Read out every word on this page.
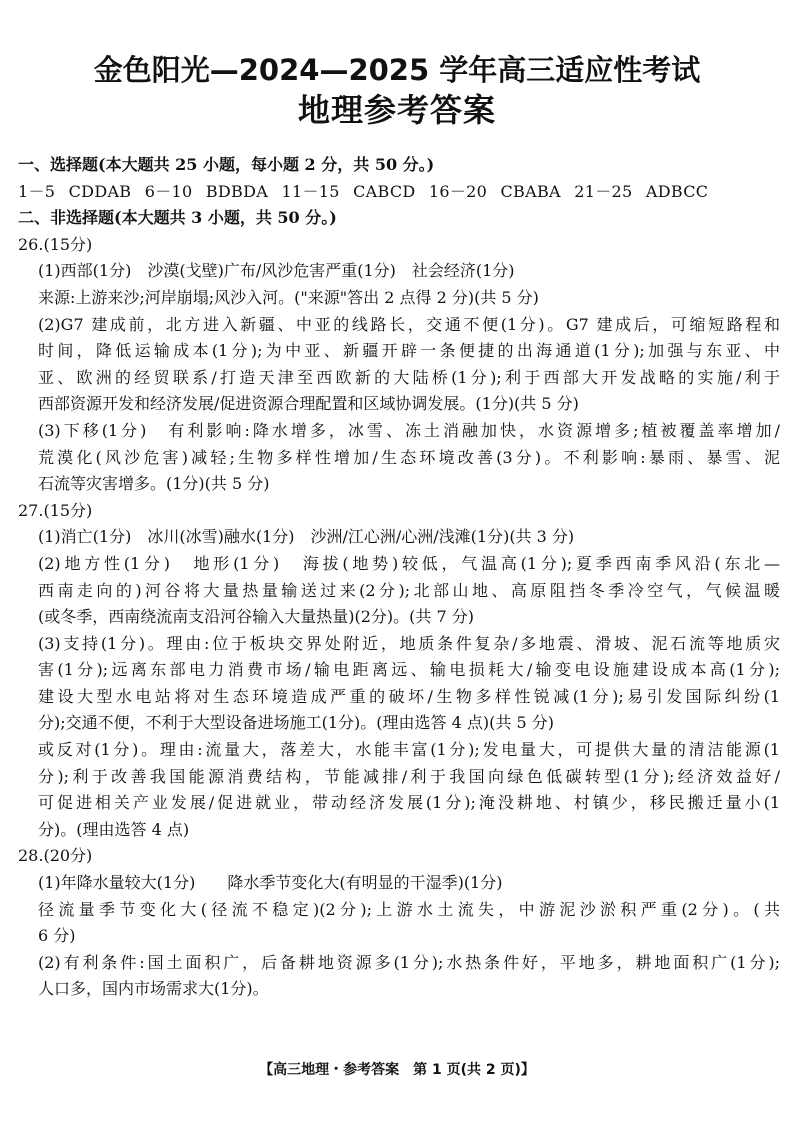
金色阳光—2024—2025 学年高三适应性考试
地理参考答案
一、选择题(本大题共 25 小题，每小题 2 分，共 50 分。)
1－5 CDDAB 6－10 BDBDA 11－15 CABCD 16－20 CBABA 21－25 ADBCC
二、非选择题(本大题共 3 小题，共 50 分。)
26.(15分)
(1)西部(1分)　沙漠(戈壁)广布/风沙危害严重(1分)　社会经济(1分)
来源:上游来沙;河岸崩塌;风沙入河。("来源"答出 2 点得 2 分)(共 5 分)
(2)G7 建成前，北方进入新疆、中亚的线路长，交通不便(1分)。G7 建成后，可缩短路程和
时间，降低运输成本(1分);为中亚、新疆开辟一条便捷的出海通道(1分);加强与东亚、中
亚、欧洲的经贸联系/打造天津至西欧新的大陆桥(1分);利于西部大开发战略的实施/利于
西部资源开发和经济发展/促进资源合理配置和区域协调发展。(1分)(共 5 分)
(3)下移(1分)　有利影响:降水增多，冰雪、冻土消融加快，水资源增多;植被覆盖率增加/
荒漠化(风沙危害)减轻;生物多样性增加/生态环境改善(3分)。不利影响:暴雨、暴雪、泥
石流等灾害增多。(1分)(共 5 分)
27.(15分)
(1)消亡(1分)　冰川(冰雪)融水(1分)　沙洲/江心洲/心洲/浅滩(1分)(共 3 分)
(2)地方性(1分)　地形(1分)　海拔(地势)较低，气温高(1分);夏季西南季风沿(东北—
西南走向的)河谷将大量热量输送过来(2分);北部山地、高原阻挡冬季冷空气，气候温暖
(或冬季，西南绕流南支沿河谷输入大量热量)(2分)。(共 7 分)
(3)支持(1分)。理由:位于板块交界处附近，地质条件复杂/多地震、滑坡、泥石流等地质灾
害(1分);远离东部电力消费市场/输电距离远、输电损耗大/输变电设施建设成本高(1分);
建设大型水电站将对生态环境造成严重的破坏/生物多样性锐减(1分);易引发国际纠纷(1
分);交通不便，不利于大型设备进场施工(1分)。(理由选答 4 点)(共 5 分)
或反对(1分)。理由:流量大，落差大，水能丰富(1分);发电量大，可提供大量的清洁能源(1
分);利于改善我国能源消费结构，节能减排/利于我国向绿色低碳转型(1分);经济效益好/
可促进相关产业发展/促进就业，带动经济发展(1分);淹没耕地、村镇少，移民搬迁量小(1
分)。(理由选答 4 点)
28.(20分)
(1)年降水量较大(1分)　　降水季节变化大(有明显的干湿季)(1分)
径流量季节变化大(径流不稳定)(2分);上游水土流失，中游泥沙淤积严重(2分)。(共
6 分)
(2)有利条件:国土面积广，后备耕地资源多(1分);水热条件好，平地多，耕地面积广(1分);
人口多，国内市场需求大(1分)。
【高三地理・参考答案　第 1 页(共 2 页)】
